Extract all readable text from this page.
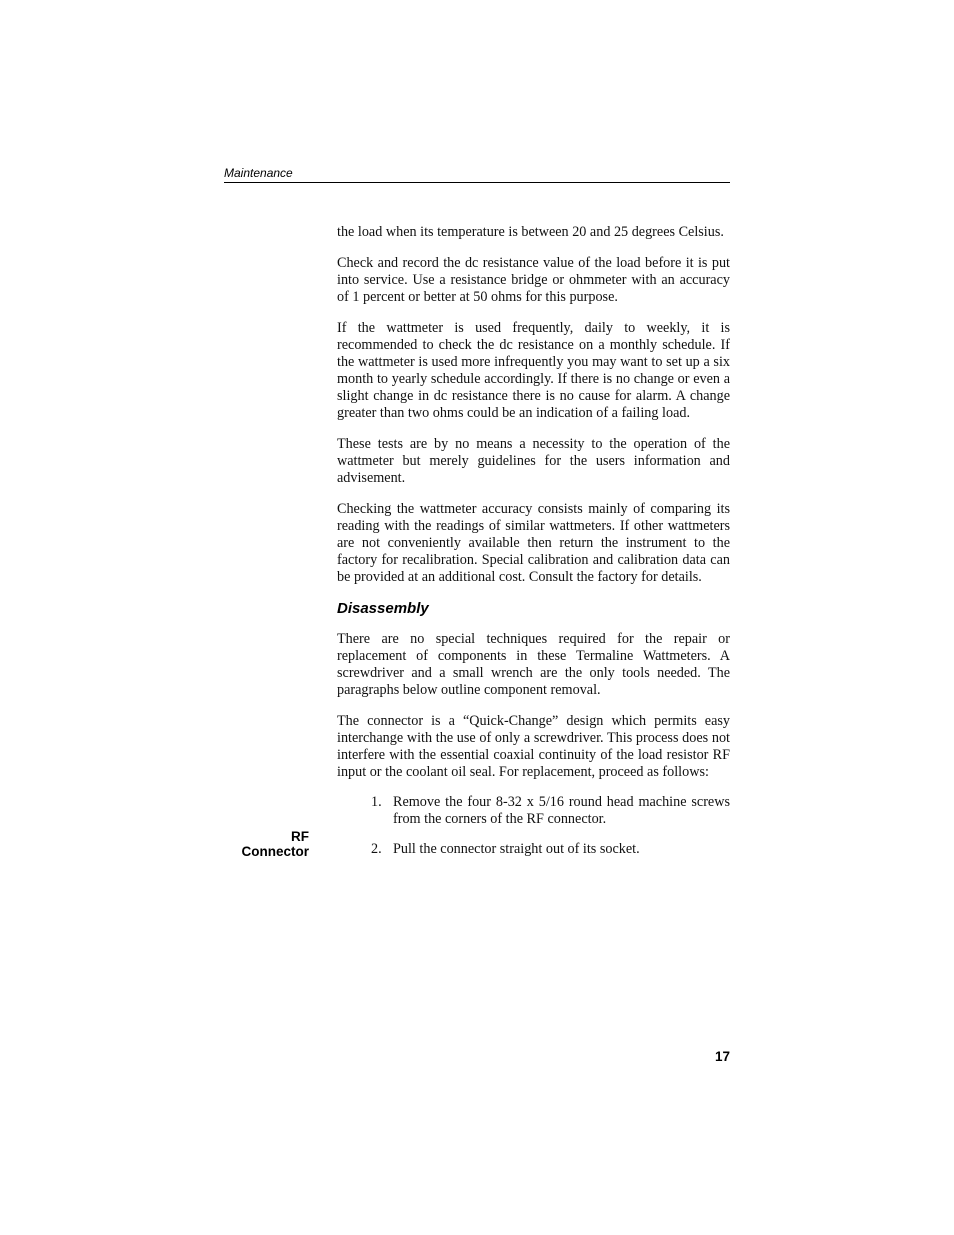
Maintenance

the load when its temperature is between 20 and 25 degrees Celsius.

Check and record the dc resistance value of the load before it is put into service. Use a resistance bridge or ohmmeter with an accuracy of 1 percent or better at 50 ohms for this purpose.

If the wattmeter is used frequently, daily to weekly, it is recommended to check the dc resistance on a monthly schedule. If the wattmeter is used more infrequently you may want to set up a six month to yearly schedule accordingly. If there is no change or even a slight change in dc resistance there is no cause for alarm. A change greater than two ohms could be an indication of a failing load.

These tests are by no means a necessity to the operation of the wattmeter but merely guidelines for the users information and advisement.

Checking the wattmeter accuracy consists mainly of comparing its reading with the readings of similar wattmeters. If other wattmeters are not conveniently available then return the instrument to the factory for recalibration. Special calibration and calibration data can be provided at an additional cost. Consult the factory for details.

Disassembly

There are no special techniques required for the repair or replacement of components in these Termaline Wattmeters. A screwdriver and a small wrench are the only tools needed. The paragraphs below outline component removal.

The connector is a “Quick-Change” design which permits easy interchange with the use of only a screwdriver. This process does not interfere with the essential coaxial continuity of the load resistor RF input or the coolant oil seal. For replacement, proceed as follows:

1. Remove the four 8-32 x 5/16 round head machine screws from the corners of the RF connector.
2. Pull the connector straight out of its socket.
RF
Connector
17
